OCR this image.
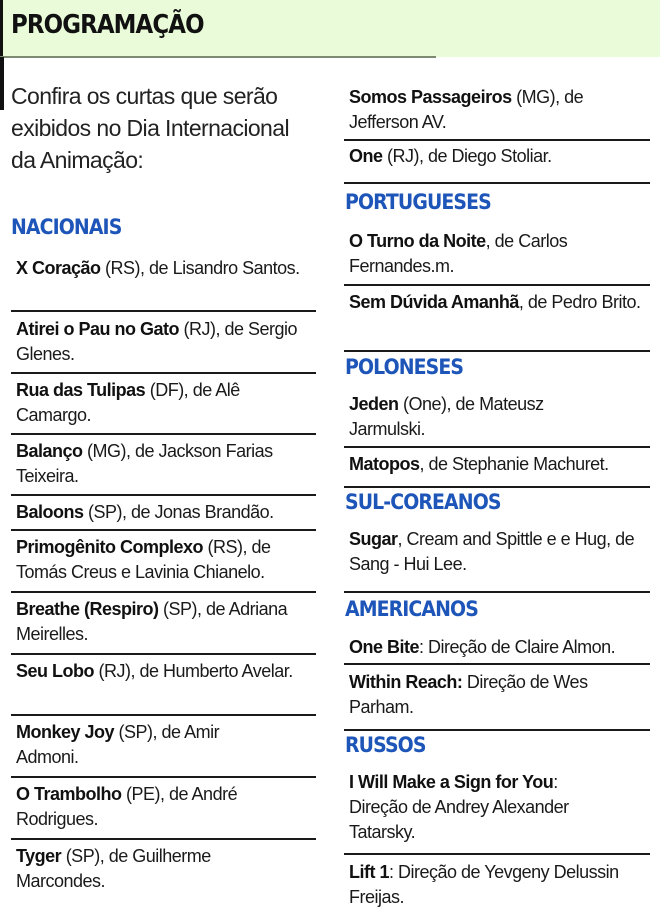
PROGRAMAÇÃO
Confira os curtas que serão exibidos no Dia Internacional da Animação:
NACIONAIS
X Coração (RS), de Lisandro Santos.
Atirei o Pau no Gato (RJ), de Sergio Glenes.
Rua das Tulipas (DF), de Alê Camargo.
Balanço (MG), de Jackson Farias Teixeira.
Baloons (SP), de Jonas Brandão.
Primogênito Complexo (RS), de Tomás Creus e Lavinia Chianelo.
Breathe (Respiro) (SP), de Adriana Meirelles.
Seu Lobo (RJ), de Humberto Avelar.
Monkey Joy (SP), de Amir Admoni.
O Trambolho (PE), de André Rodrigues.
Tyger (SP), de Guilherme Marcondes.
Somos Passageiros (MG), de Jefferson AV.
One (RJ), de Diego Stoliar.
PORTUGUESES
O Turno da Noite, de Carlos Fernandes.m.
Sem Dúvida Amanhã, de Pedro Brito.
POLONESES
Jeden (One), de Mateusz Jarmulski.
Matopos, de Stephanie Machuret.
SUL-COREANOS
Sugar, Cream and Spittle e e Hug, de Sang - Hui Lee.
AMERICANOS
One Bite: Direção de Claire Almon.
Within Reach: Direção de Wes Parham.
RUSSOS
I Will Make a Sign for You: Direção de Andrey Alexander Tatarsky.
Lift 1: Direção de Yevgeny Delussin Freijas.
